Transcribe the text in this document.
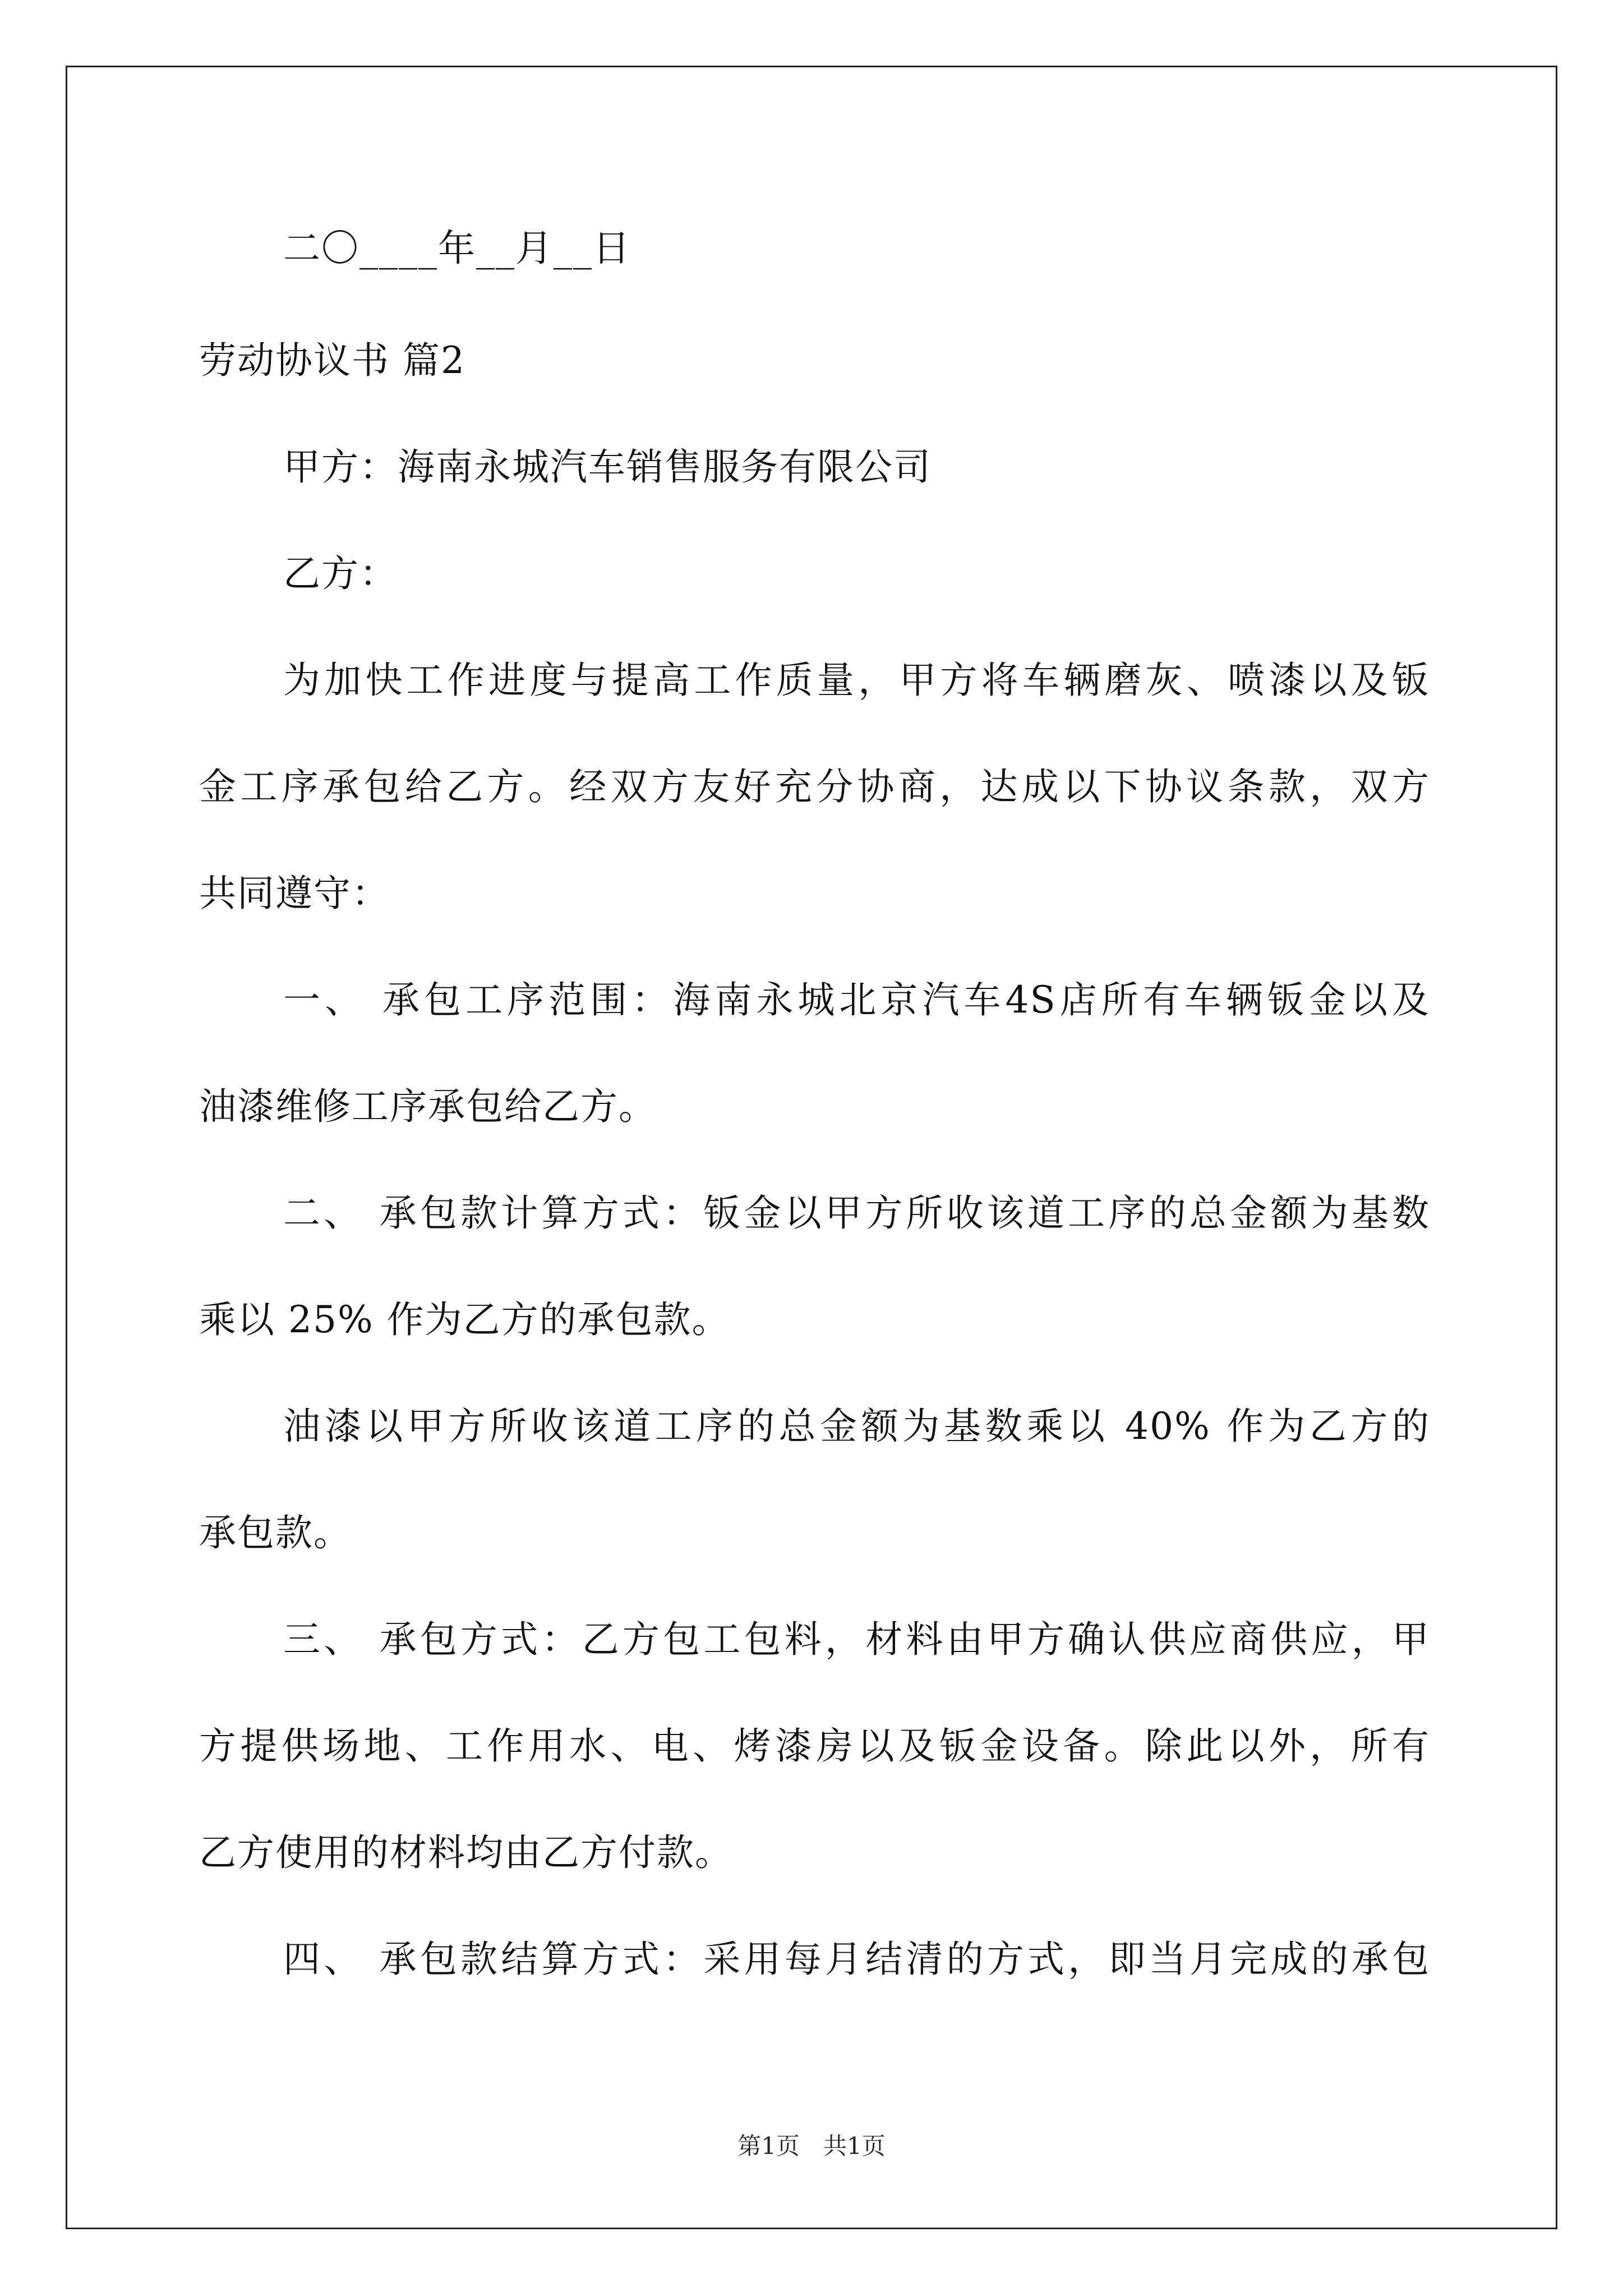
二〇____年__月__日
劳动协议书 篇2
甲方：海南永城汽车销售服务有限公司
乙方：
为加快工作进度与提高工作质量，甲方将车辆磨灰、喷漆以及钣
金工序承包给乙方。经双方友好充分协商，达成以下协议条款，双方
共同遵守：
一、 承包工序范围：海南永城北京汽车4S店所有车辆钣金以及
油漆维修工序承包给乙方。
二、 承包款计算方式：钣金以甲方所收该道工序的总金额为基数
乘以 25% 作为乙方的承包款。
油漆以甲方所收该道工序的总金额为基数乘以 40% 作为乙方的
承包款。
三、 承包方式：乙方包工包料，材料由甲方确认供应商供应，甲
方提供场地、工作用水、电、烤漆房以及钣金设备。除此以外，所有
乙方使用的材料均由乙方付款。
四、 承包款结算方式：采用每月结清的方式，即当月完成的承包
第1页　共1页
